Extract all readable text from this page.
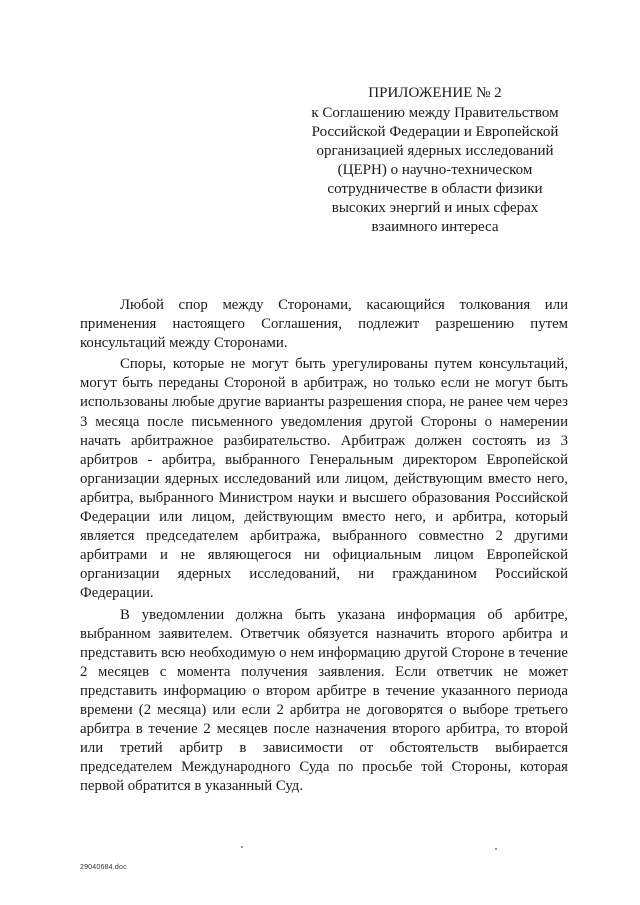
ПРИЛОЖЕНИЕ № 2
к Соглашению между Правительством
Российской Федерации и Европейской
организацией ядерных исследований
(ЦЕРН) о научно-техническом
сотрудничестве в области физики
высоких энергий и иных сферах
взаимного интереса

Любой спор между Сторонами, касающийся толкования или применения настоящего Соглашения, подлежит разрешению путем консультаций между Сторонами.

Споры, которые не могут быть урегулированы путем консультаций, могут быть переданы Стороной в арбитраж, но только если не могут быть использованы любые другие варианты разрешения спора, не ранее чем через 3 месяца после письменного уведомления другой Стороны о намерении начать арбитражное разбирательство. Арбитраж должен состоять из 3 арбитров - арбитра, выбранного Генеральным директором Европейской организации ядерных исследований или лицом, действующим вместо него, арбитра, выбранного Министром науки и высшего образования Российской Федерации или лицом, действующим вместо него, и арбитра, который является председателем арбитража, выбранного совместно 2 другими арбитрами и не являющегося ни официальным лицом Европейской организации ядерных исследований, ни гражданином Российской Федерации.

В уведомлении должна быть указана информация об арбитре, выбранном заявителем. Ответчик обязуется назначить второго арбитра и представить всю необходимую о нем информацию другой Стороне в течение 2 месяцев с момента получения заявления. Если ответчик не может представить информацию о втором арбитре в течение указанного периода времени (2 месяца) или если 2 арбитра не договорятся о выборе третьего арбитра в течение 2 месяцев после назначения второго арбитра, то второй или третий арбитр в зависимости от обстоятельств выбирается председателем Международного Суда по просьбе той Стороны, которая первой обратится в указанный Суд.

29040684.doc
